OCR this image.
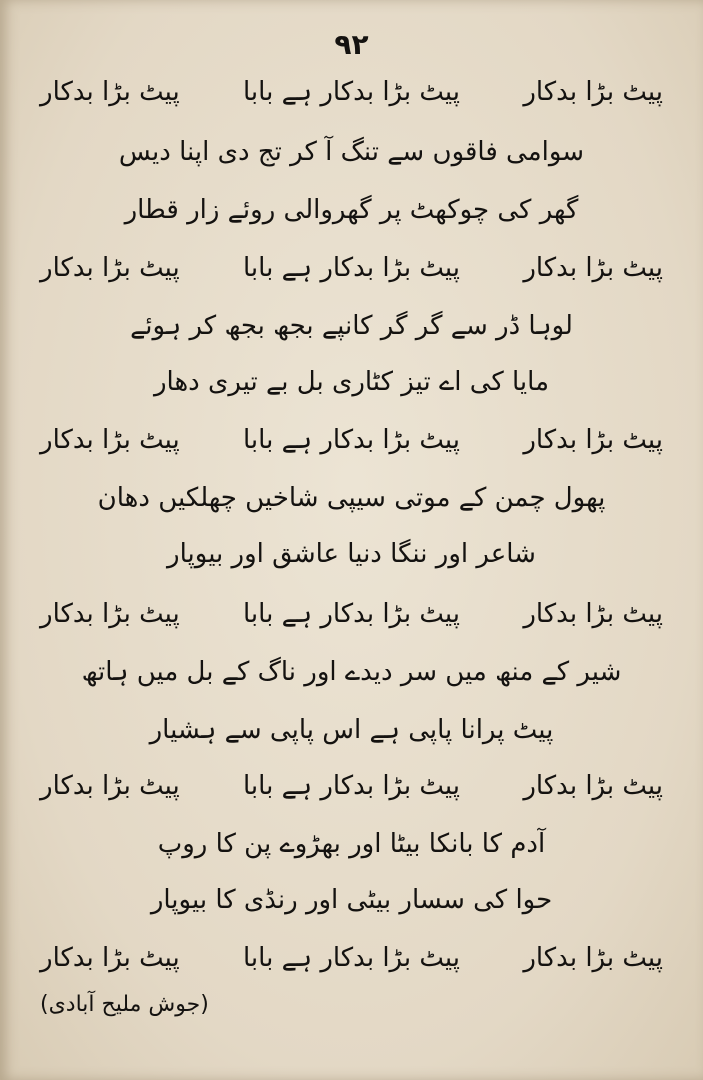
۹۲
پیٹ بڑا بدکار
پیٹ بڑا بدکار ہے بابا
پیٹ بڑا بدکار
سوامی فاقوں سے تنگ آ کر تج دی اپنا دیس
گھر کی چوکھٹ پر گھروالی روئے زار قطار
پیٹ بڑا بدکار
پیٹ بڑا بدکار ہے بابا
پیٹ بڑا بدکار
لوہا ڈر سے گر گر کانپے بجھ بجھ کر ہوئے
مایا کی اے تیز کٹاری بل بے تیری دھار
پیٹ بڑا بدکار
پیٹ بڑا بدکار ہے بابا
پیٹ بڑا بدکار
پھول چمن کے موتی سیپی شاخیں چھلکیں دھان
شاعر اور ننگا دنیا عاشق اور بیوپار
پیٹ بڑا بدکار
پیٹ بڑا بدکار ہے بابا
پیٹ بڑا بدکار
شیر کے منھ میں سر دیدے اور ناگ کے بل میں ہاتھ
پیٹ پرانا پاپی ہے اس پاپی سے ہشیار
پیٹ بڑا بدکار
پیٹ بڑا بدکار ہے بابا
پیٹ بڑا بدکار
آدم کا بانکا بیٹا اور بھڑوے پن کا روپ
حوا کی سسار بیٹی اور رنڈی کا بیوپار
پیٹ بڑا بدکار
پیٹ بڑا بدکار ہے بابا
پیٹ بڑا بدکار
(جوش ملیح آبادی)
